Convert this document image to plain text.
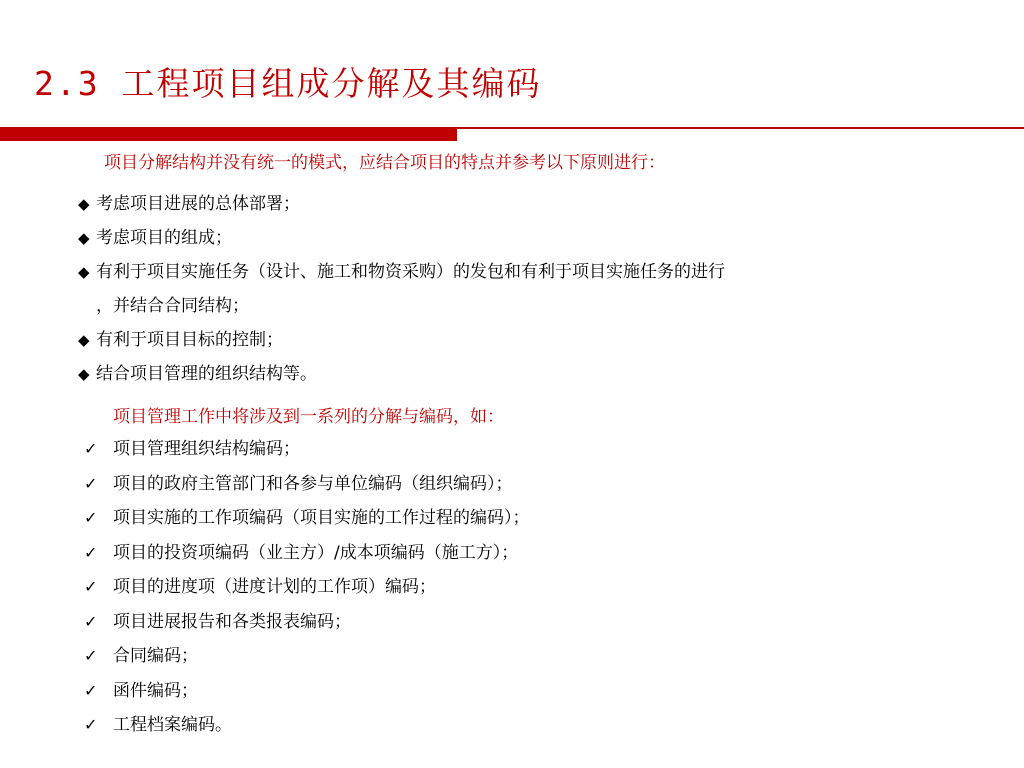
2.3 工程项目组成分解及其编码
项目分解结构并没有统一的模式，应结合项目的特点并参考以下原则进行：
◆ 考虑项目进展的总体部署；
◆ 考虑项目的组成；
◆ 有利于项目实施任务（设计、施工和物资采购）的发包和有利于项目实施任务的进行
，并结合合同结构；
◆ 有利于项目目标的控制；
◆ 结合项目管理的组织结构等。
项目管理工作中将涉及到一系列的分解与编码，如：
✓ 项目管理组织结构编码；
✓ 项目的政府主管部门和各参与单位编码（组织编码）；
✓ 项目实施的工作项编码（项目实施的工作过程的编码）；
✓ 项目的投资项编码（业主方）/成本项编码（施工方）；
✓ 项目的进度项（进度计划的工作项）编码；
✓ 项目进展报告和各类报表编码；
✓ 合同编码；
✓ 函件编码；
✓ 工程档案编码。
